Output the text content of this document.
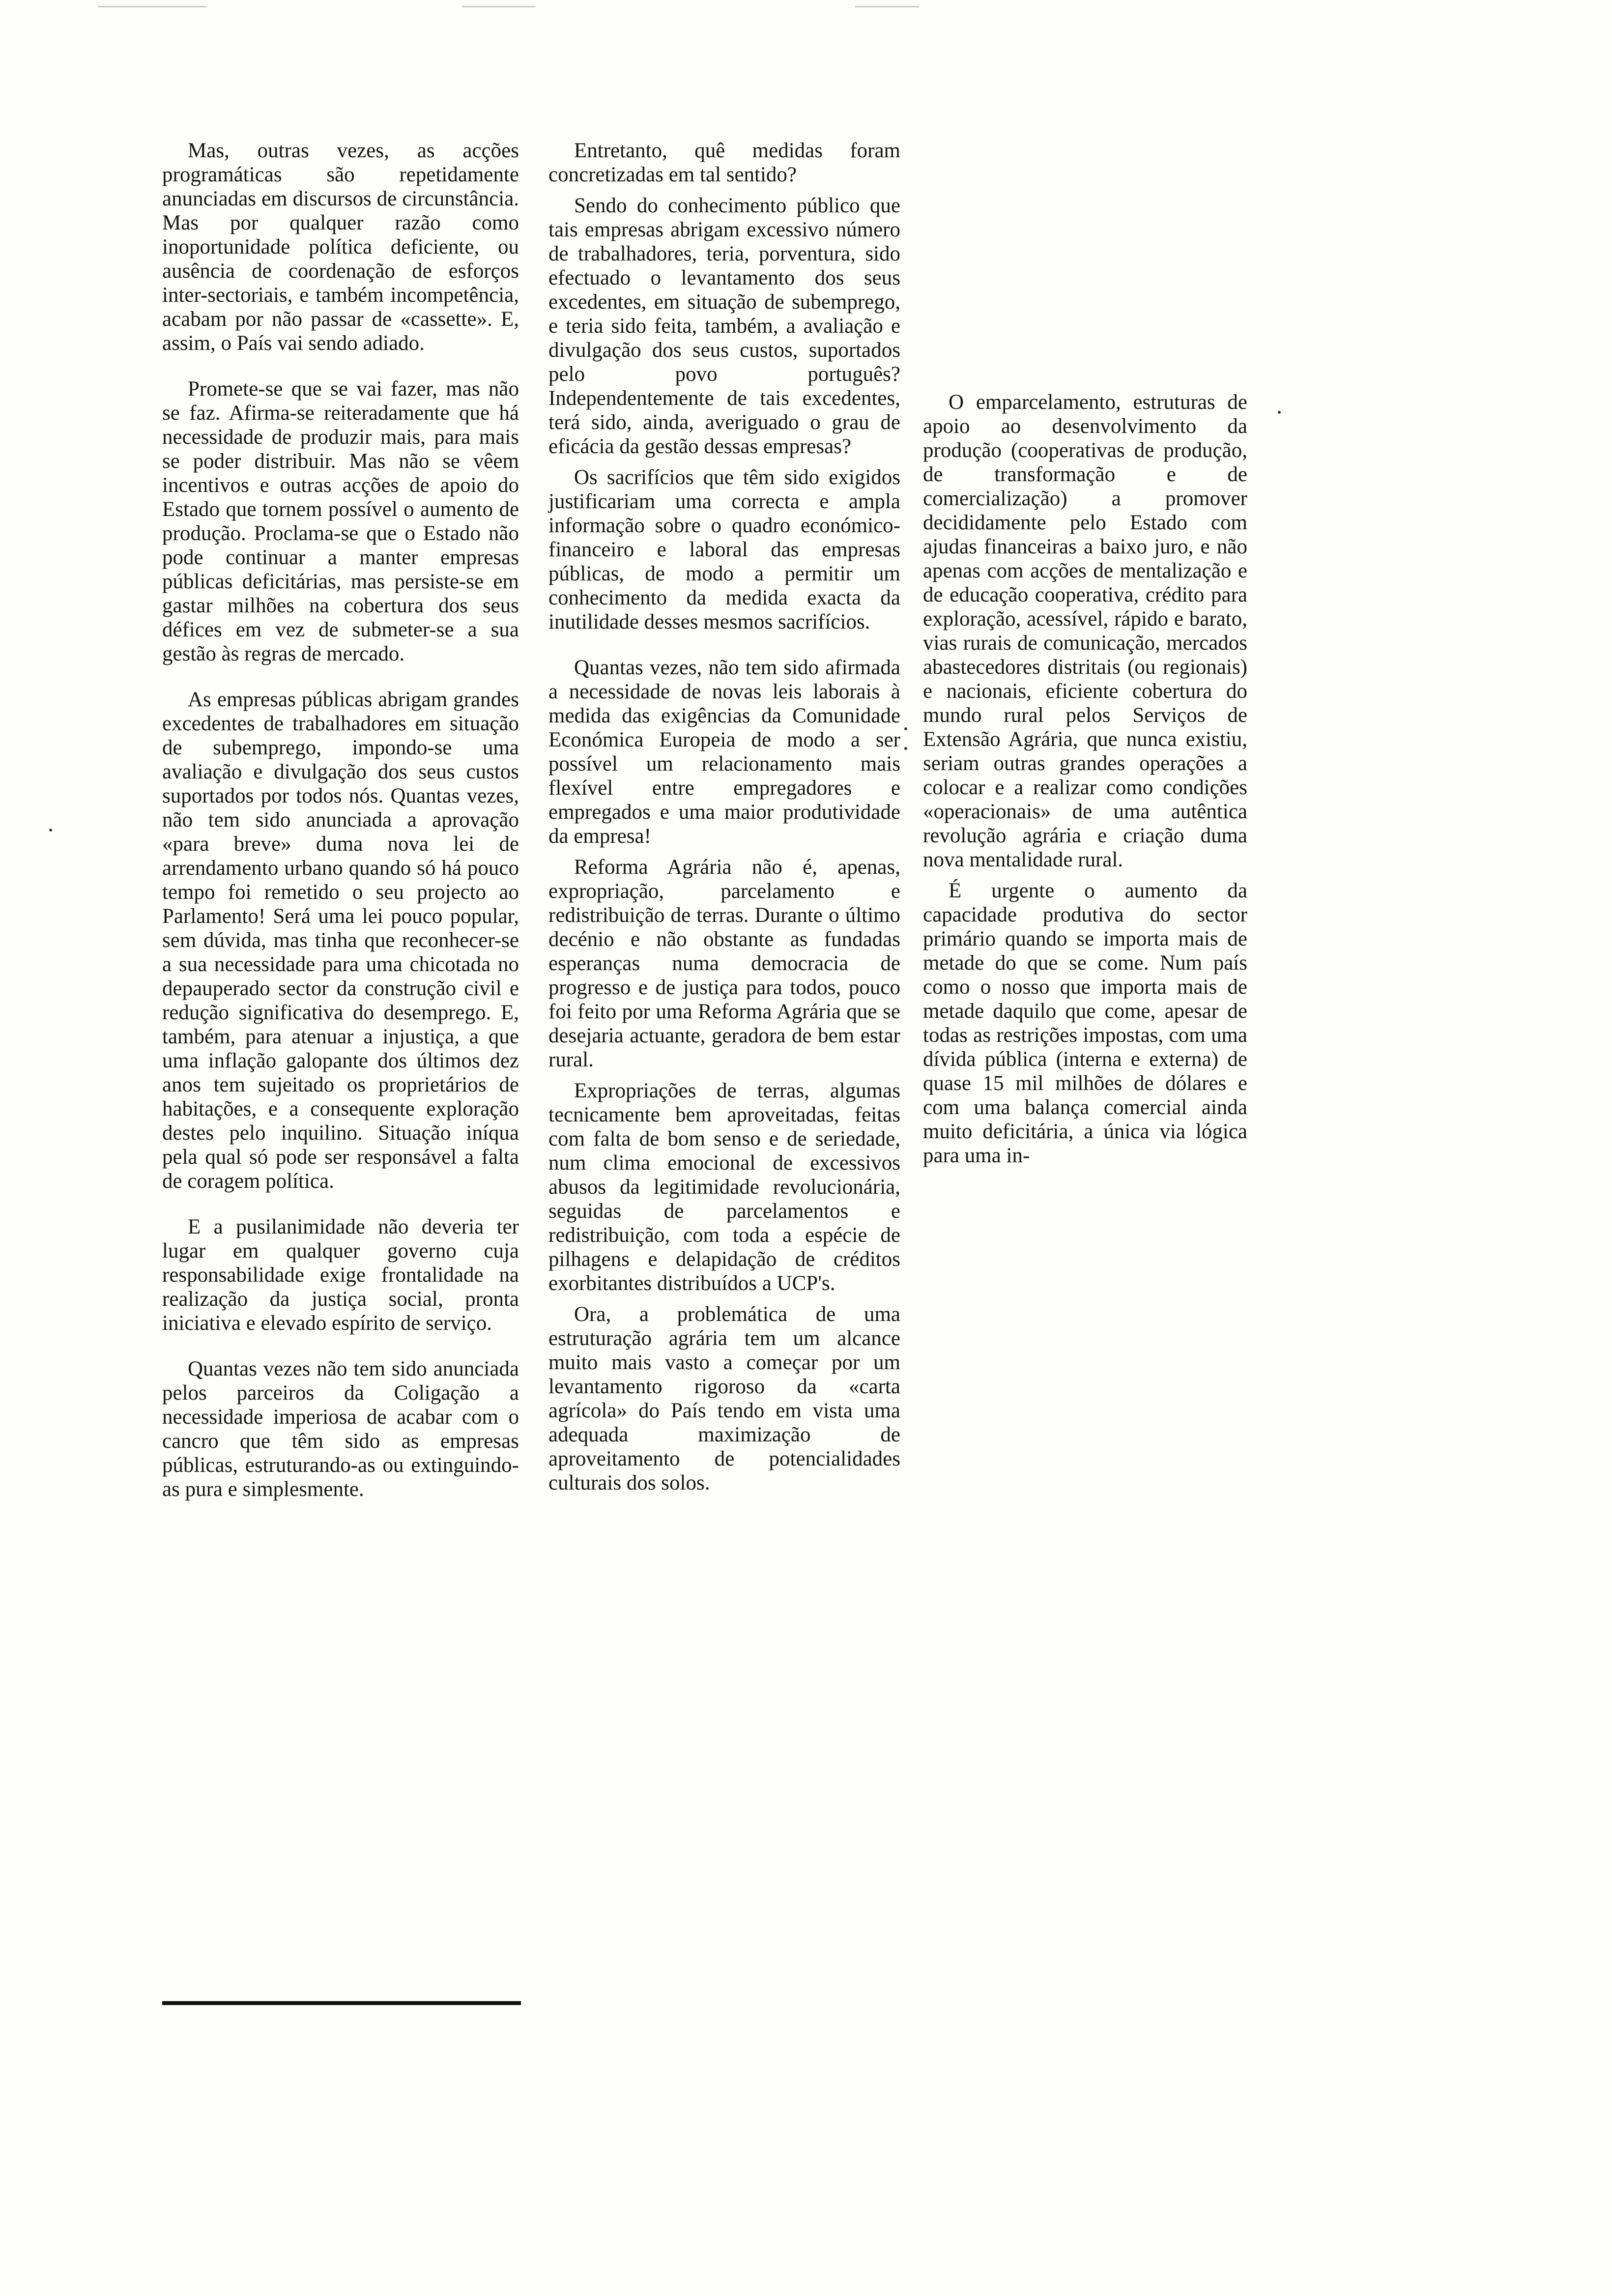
Mas, outras vezes, as acções programáticas são repetidamente anunciadas em discursos de circunstância. Mas por qualquer razão como inoportunidade política deficiente, ou ausência de coordenação de esforços inter-sectoriais, e também incompetência, acabam por não passar de «cassette». E, assim, o País vai sendo adiado.

Promete-se que se vai fazer, mas não se faz. Afirma-se reiteradamente que há necessidade de produzir mais, para mais se poder distribuir. Mas não se vêem incentivos e outras acções de apoio do Estado que tornem possível o aumento de produção. Proclama-se que o Estado não pode continuar a manter empresas públicas deficitárias, mas persiste-se em gastar milhões na cobertura dos seus défices em vez de submeter-se a sua gestão às regras de mercado.

As empresas públicas abrigam grandes excedentes de trabalhadores em situação de subemprego, impondo-se uma avaliação e divulgação dos seus custos suportados por todos nós. Quantas vezes, não tem sido anunciada a aprovação «para breve» duma nova lei de arrendamento urbano quando só há pouco tempo foi remetido o seu projecto ao Parlamento! Será uma lei pouco popular, sem dúvida, mas tinha que reconhecer-se a sua necessidade para uma chicotada no depauperado sector da construção civil e redução significativa do desemprego. E, também, para atenuar a injustiça, a que uma inflação galopante dos últimos dez anos tem sujeitado os proprietários de habitações, e a consequente exploração destes pelo inquilino. Situação iníqua pela qual só pode ser responsável a falta de coragem política.

E a pusilanimidade não deveria ter lugar em qualquer governo cuja responsabilidade exige frontalidade na realização da justiça social, pronta iniciativa e elevado espírito de serviço.

Quantas vezes não tem sido anunciada pelos parceiros da Coligação a necessidade imperiosa de acabar com o cancro que têm sido as empresas públicas, estruturando-as ou extinguindo-as pura e simplesmente.

Entretanto, quê medidas foram concretizadas em tal sentido?

Sendo do conhecimento público que tais empresas abrigam excessivo número de trabalhadores, teria, porventura, sido efectuado o levantamento dos seus excedentes, em situação de subemprego, e teria sido feita, também, a avaliação e divulgação dos seus custos, suportados pelo povo português? Independentemente de tais excedentes, terá sido, ainda, averiguado o grau de eficácia da gestão dessas empresas?

Os sacrifícios que têm sido exigidos justificariam uma correcta e ampla informação sobre o quadro económico-financeiro e laboral das empresas públicas, de modo a permitir um conhecimento da medida exacta da inutilidade desses mesmos sacrifícios.

Quantas vezes, não tem sido afirmada a necessidade de novas leis laborais à medida das exigências da Comunidade Económica Europeia de modo a ser possível um relacionamento mais flexível entre empregadores e empregados e uma maior produtividade da empresa!

Reforma Agrária não é, apenas, expropriação, parcelamento e redistribuição de terras. Durante o último decénio e não obstante as fundadas esperanças numa democracia de progresso e de justiça para todos, pouco foi feito por uma Reforma Agrária que se desejaria actuante, geradora de bem estar rural.

Expropriações de terras, algumas tecnicamente bem aproveitadas, feitas com falta de bom senso e de seriedade, num clima emocional de excessivos abusos da legitimidade revolucionária, seguidas de parcelamentos e redistribuição, com toda a espécie de pilhagens e delapidação de créditos exorbitantes distribuídos a UCP's.

Ora, a problemática de uma estruturação agrária tem um alcance muito mais vasto a começar por um levantamento rigoroso da «carta agrícola» do País tendo em vista uma adequada maximização de aproveitamento de potencialidades culturais dos solos.

O emparcelamento, estruturas de apoio ao desenvolvimento da produção (cooperativas de produção, de transformação e de comercialização) a promover decididamente pelo Estado com ajudas financeiras a baixo juro, e não apenas com acções de mentalização e de educação cooperativa, crédito para exploração, acessível, rápido e barato, vias rurais de comunicação, mercados abastecedores distritais (ou regionais) e nacionais, eficiente cobertura do mundo rural pelos Serviços de Extensão Agrária, que nunca existiu, seriam outras grandes operações a colocar e a realizar como condições «operacionais» de uma autêntica revolução agrária e criação duma nova mentalidade rural.

É urgente o aumento da capacidade produtiva do sector primário quando se importa mais de metade do que se come. Num país como o nosso que importa mais de metade daquilo que come, apesar de todas as restrições impostas, com uma dívida pública (interna e externa) de quase 15 mil milhões de dólares e com uma balança comercial ainda muito deficitária, a única via lógica para uma in-
